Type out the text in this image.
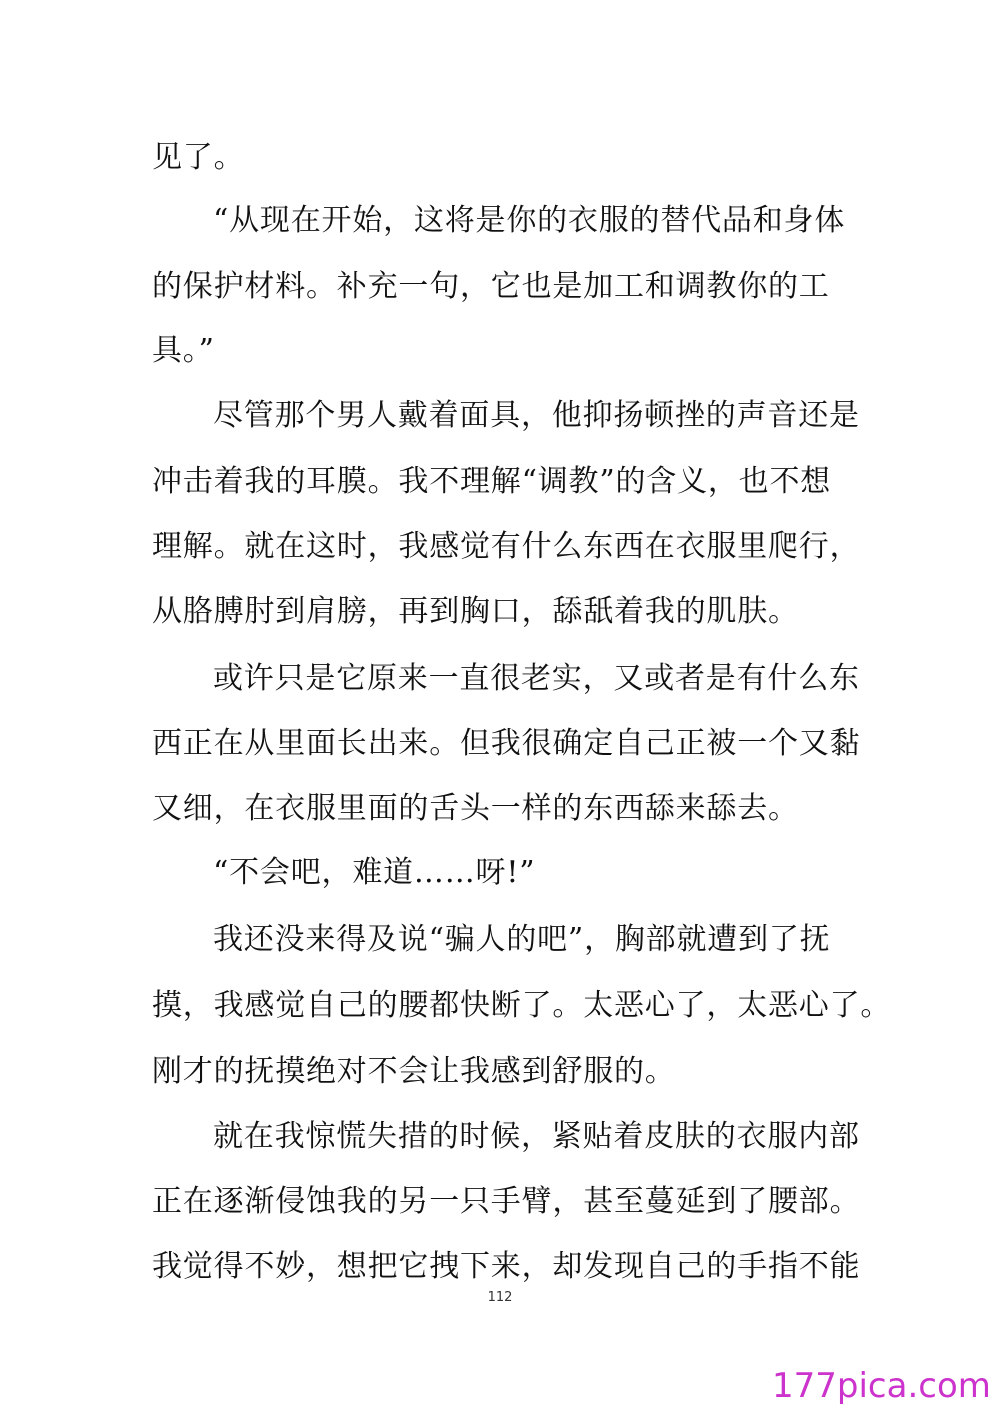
见了。

“从现在开始，这将是你的衣服的替代品和身体

的保护材料。补充一句，它也是加工和调教你的工

具。”

尽管那个男人戴着面具，他抑扬顿挫的声音还是

冲击着我的耳膜。我不理解“调教”的含义，也不想

理解。就在这时，我感觉有什么东西在衣服里爬行，

从胳膊肘到肩膀，再到胸口，舔舐着我的肌肤。

或许只是它原来一直很老实，又或者是有什么东

西正在从里面长出来。但我很确定自己正被一个又黏

又细，在衣服里面的舌头一样的东西舔来舔去。

“不会吧，难道……呀!”

我还没来得及说“骗人的吧”，胸部就遭到了抚

摸，我感觉自己的腰都快断了。太恶心了，太恶心了。

刚才的抚摸绝对不会让我感到舒服的。

就在我惊慌失措的时候，紧贴着皮肤的衣服内部

正在逐渐侵蚀我的另一只手臂，甚至蔓延到了腰部。

我觉得不妙，想把它拽下来，却发现自己的手指不能

112
177pica.com
